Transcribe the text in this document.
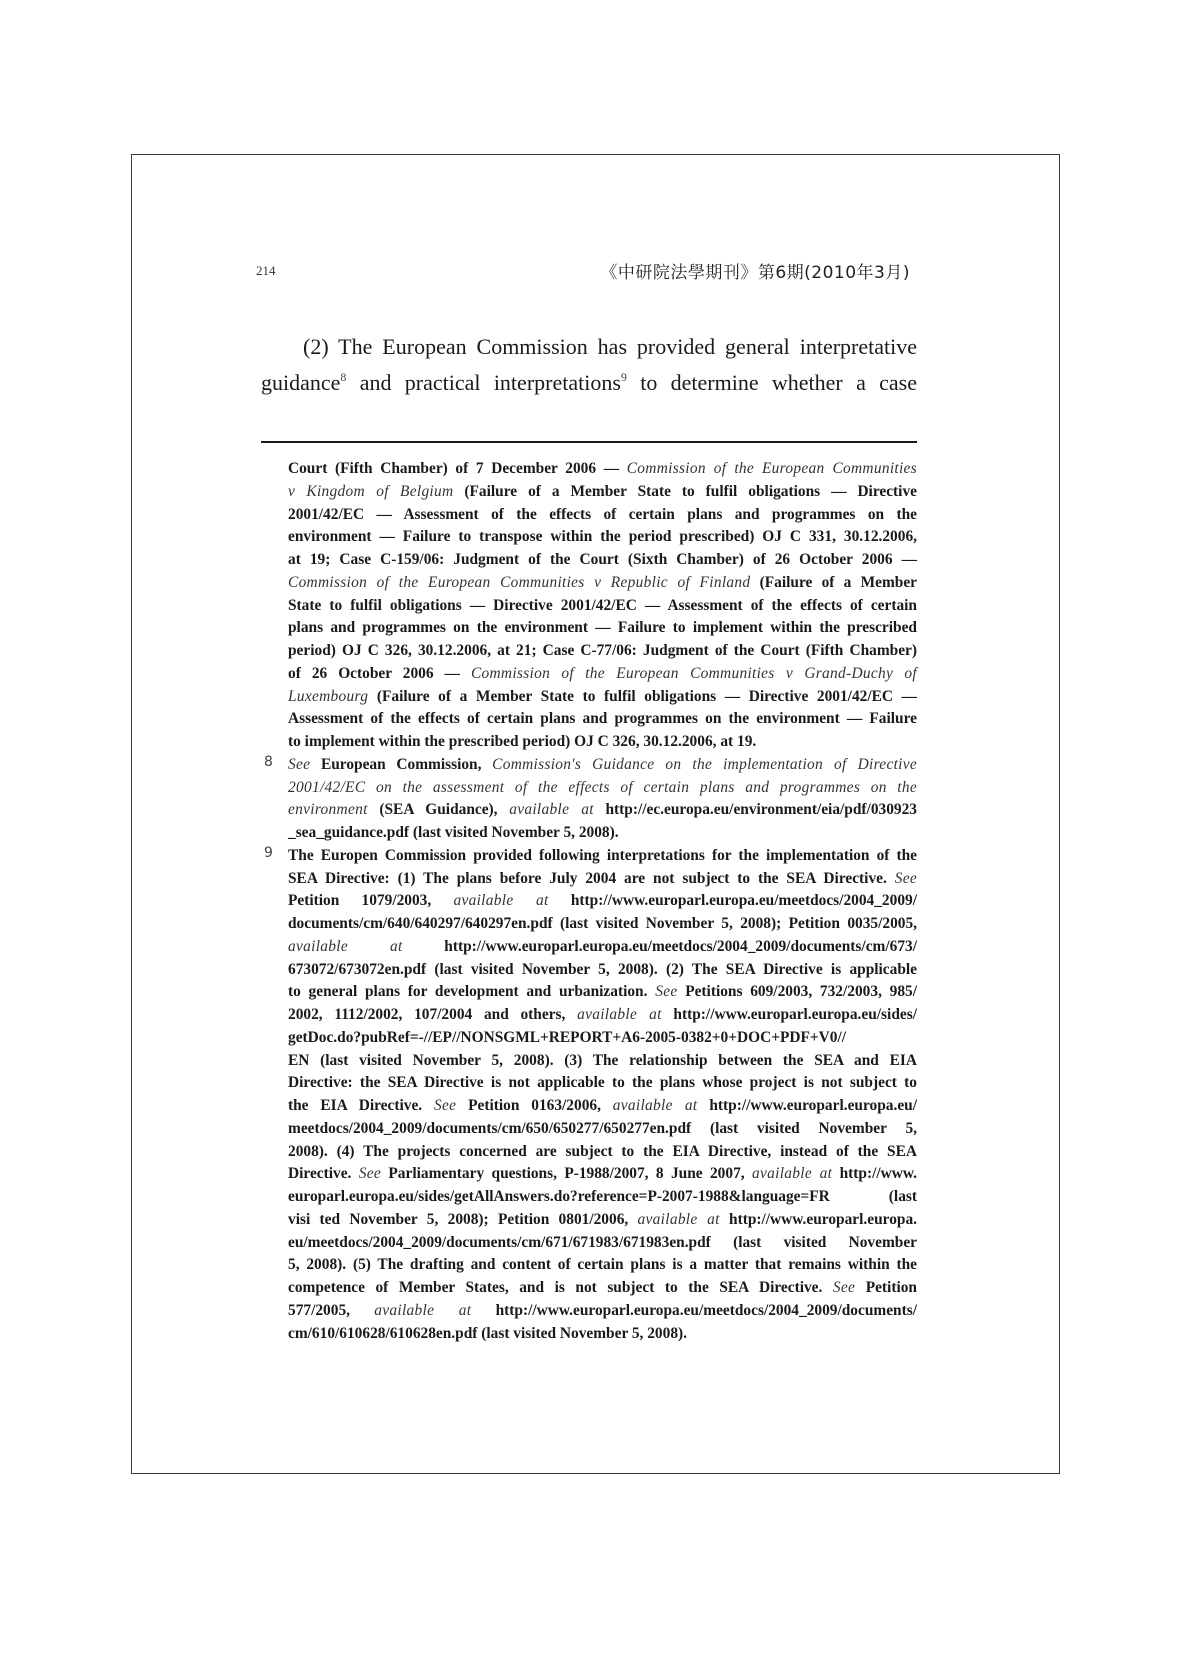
214	《中研院法學期刊》第6期(2010年3月)
(2) The European Commission has provided general interpretative
guidance$^8$ and practical interpretations$^9$ to determine whether a case
Court (Fifth Chamber) of 7 December 2006 — Commission of the European Communities
v Kingdom of Belgium (Failure of a Member State to fulfil obligations — Directive
2001/42/EC — Assessment of the effects of certain plans and programmes on the
environment — Failure to transpose within the period prescribed) OJ C 331, 30.12.2006,
at 19; Case C-159/06: Judgment of the Court (Sixth Chamber) of 26 October 2006 —
Commission of the European Communities v Republic of Finland (Failure of a Member
State to fulfil obligations — Directive 2001/42/EC — Assessment of the effects of certain
plans and programmes on the environment — Failure to implement within the prescribed
period) OJ C 326, 30.12.2006, at 21; Case C-77/06: Judgment of the Court (Fifth Chamber)
of 26 October 2006 — Commission of the European Communities v Grand-Duchy of
Luxembourg (Failure of a Member State to fulfil obligations — Directive 2001/42/EC —
Assessment of the effects of certain plans and programmes on the environment — Failure
to implement within the prescribed period) OJ C 326, 30.12.2006, at 19.
8 See European Commission, Commission's Guidance on the implementation of Directive
2001/42/EC on the assessment of the effects of certain plans and programmes on the
environment (SEA Guidance), available at http://ec.europa.eu/environment/eia/pdf/030923
_sea_guidance.pdf (last visited November 5, 2008).
9 The Europen Commission provided following interpretations for the implementation of the
SEA Directive: (1) The plans before July 2004 are not subject to the SEA Directive. See
Petition 1079/2003, available at http://www.europarl.europa.eu/meetdocs/2004_2009/
documents/cm/640/640297/640297en.pdf (last visited November 5, 2008); Petition 0035/2005,
available at http://www.europarl.europa.eu/meetdocs/2004_2009/documents/cm/673/
673072/673072en.pdf (last visited November 5, 2008). (2) The SEA Directive is applicable
to general plans for development and urbanization. See Petitions 609/2003, 732/2003, 985/
2002, 1112/2002, 107/2004 and others, available at http://www.europarl.europa.eu/sides/
getDoc.do?pubRef=-//EP//NONSGML+REPORT+A6-2005-0382+0+DOC+PDF+V0//
EN (last visited November 5, 2008). (3) The relationship between the SEA and EIA
Directive: the SEA Directive is not applicable to the plans whose project is not subject to
the EIA Directive. See Petition 0163/2006, available at http://www.europarl.europa.eu/
meetdocs/2004_2009/documents/cm/650/650277/650277en.pdf (last visited November 5,
2008). (4) The projects concerned are subject to the EIA Directive, instead of the SEA
Directive. See Parliamentary questions, P-1988/2007, 8 June 2007, available at http://www.
europarl.europa.eu/sides/getAllAnswers.do?reference=P-2007-1988&language=FR (last
visi ted November 5, 2008); Petition 0801/2006, available at http://www.europarl.europa.
eu/meetdocs/2004_2009/documents/cm/671/671983/671983en.pdf (last visited November
5, 2008). (5) The drafting and content of certain plans is a matter that remains within the
competence of Member States, and is not subject to the SEA Directive. See Petition
577/2005, available at http://www.europarl.europa.eu/meetdocs/2004_2009/documents/
cm/610/610628/610628en.pdf (last visited November 5, 2008).
